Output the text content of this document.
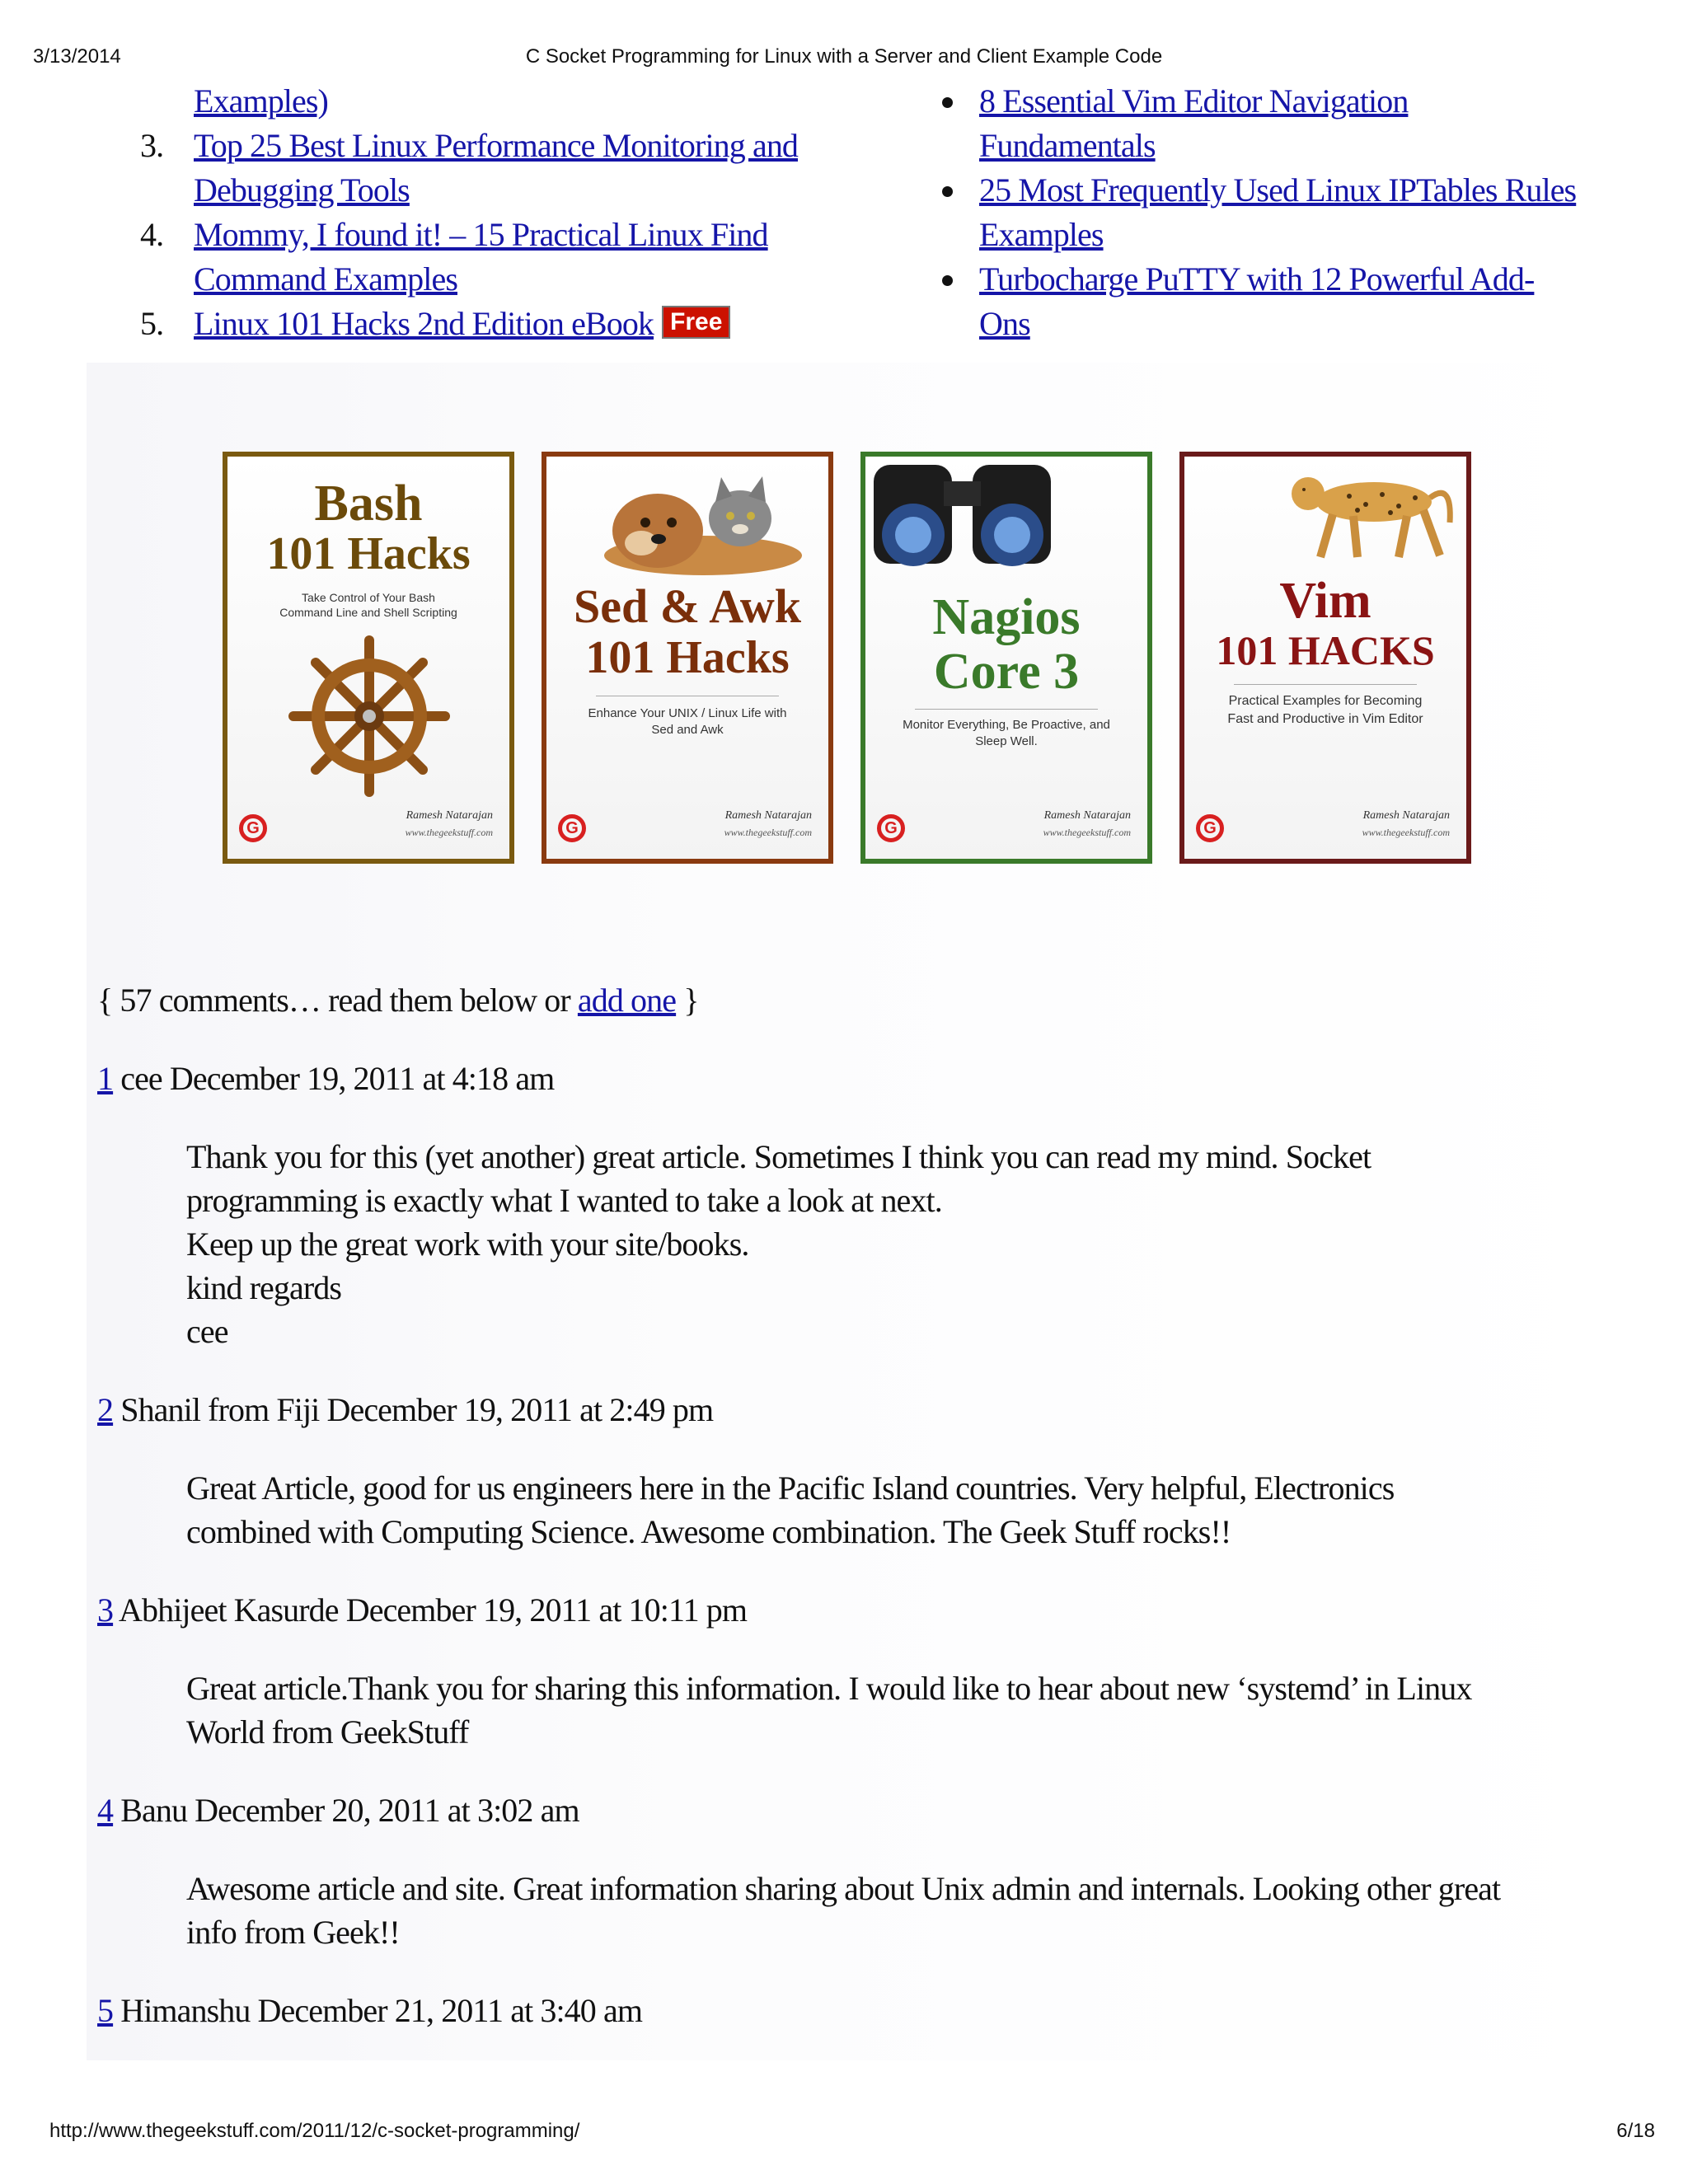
3/13/2014	C Socket Programming for Linux with a Server and Client Example Code
Examples)
3. Top 25 Best Linux Performance Monitoring and Debugging Tools
4. Mommy, I found it! – 15 Practical Linux Find Command Examples
5. Linux 101 Hacks 2nd Edition eBook Free
8 Essential Vim Editor Navigation Fundamentals
25 Most Frequently Used Linux IPTables Rules Examples
Turbocharge PuTTY with 12 Powerful Add-Ons
Bash
101 Hacks
Take Control of Your Bash Command Line and Shell Scripting
G
Ramesh Natarajan
www.thegeekstuff.com
Sed & Awk
101 Hacks
Enhance Your UNIX / Linux Life with Sed and Awk
G
Ramesh Natarajan
www.thegeekstuff.com
Nagios
Core 3
Monitor Everything, Be Proactive, and Sleep Well.
G
Ramesh Natarajan
www.thegeekstuff.com
Vim
101 HACKS
Practical Examples for Becoming Fast and Productive in Vim Editor
G
Ramesh Natarajan
www.thegeekstuff.com
{ 57 comments… read them below or add one }
1 cee December 19, 2011 at 4:18 am

Thank you for this (yet another) great article. Sometimes I think you can read my mind. Socket

programming is exactly what I wanted to take a look at next.

Keep up the great work with your site/books.

kind regards

cee

2 Shanil from Fiji December 19, 2011 at 2:49 pm

Great Article, good for us engineers here in the Pacific Island countries. Very helpful, Electronics

combined with Computing Science. Awesome combination. The Geek Stuff rocks!!

3 Abhijeet Kasurde December 19, 2011 at 10:11 pm

Great article.Thank you for sharing this information. I would like to hear about new ‘systemd’ in Linux

World from GeekStuff

4 Banu December 20, 2011 at 3:02 am

Awesome article and site. Great information sharing about Unix admin and internals. Looking other great

info from Geek!!

5 Himanshu December 21, 2011 at 3:40 am
http://www.thegeekstuff.com/2011/12/c-socket-programming/	6/18
